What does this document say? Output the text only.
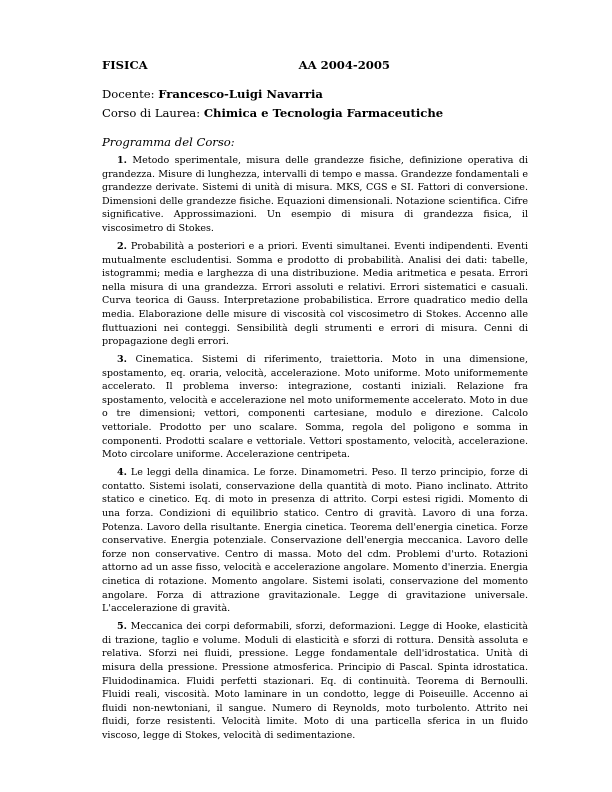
FISICA	AA 2004-2005
Docente: Francesco-Luigi Navarria
Corso di Laurea: Chimica e Tecnologia Farmaceutiche
Programma del Corso:

1. Metodo sperimentale, misura delle grandezze fisiche, definizione operativa di grandezza. Misure di lunghezza, intervalli di tempo e massa. Grandezze fondamentali e grandezze derivate. Sistemi di unità di misura. MKS, CGS e SI. Fattori di conversione. Dimensioni delle grandezze fisiche. Equazioni dimensionali. Notazione scientifica. Cifre significative. Approssimazioni. Un esempio di misura di grandezza fisica, il viscosimetro di Stokes.

2. Probabilità a posteriori e a priori. Eventi simultanei. Eventi indipendenti. Eventi mutualmente escludentisi. Somma e prodotto di probabilità. Analisi dei dati: tabelle, istogrammi; media e larghezza di una distribuzione. Media aritmetica e pesata. Errori nella misura di una grandezza. Errori assoluti e relativi. Errori sistematici e casuali. Curva teorica di Gauss. Interpretazione probabilistica. Errore quadratico medio della media. Elaborazione delle misure di viscosità col viscosimetro di Stokes. Accenno alle fluttuazioni nei conteggi. Sensibilità degli strumenti e errori di misura. Cenni di propagazione degli errori.

3. Cinematica. Sistemi di riferimento, traiettoria. Moto in una dimensione, spostamento, eq. oraria, velocità, accelerazione. Moto uniforme. Moto uniformemente accelerato. Il problema inverso: integrazione, costanti iniziali. Relazione fra spostamento, velocità e accelerazione nel moto uniformemente accelerato. Moto in due o tre dimensioni; vettori, componenti cartesiane, modulo e direzione. Calcolo vettoriale. Prodotto per uno scalare. Somma, regola del poligono e somma in componenti. Prodotti scalare e vettoriale. Vettori spostamento, velocità, accelerazione. Moto circolare uniforme. Accelerazione centripeta.

4. Le leggi della dinamica. Le forze. Dinamometri. Peso. Il terzo principio, forze di contatto. Sistemi isolati, conservazione della quantità di moto. Piano inclinato. Attrito statico e cinetico. Eq. di moto in presenza di attrito. Corpi estesi rigidi. Momento di una forza. Condizioni di equilibrio statico. Centro di gravità. Lavoro di una forza. Potenza. Lavoro della risultante. Energia cinetica. Teorema dell'energia cinetica. Forze conservative. Energia potenziale. Conservazione dell'energia meccanica. Lavoro delle forze non conservative. Centro di massa. Moto del cdm. Problemi d'urto. Rotazioni attorno ad un asse fisso, velocità e accelerazione angolare. Momento d'inerzia. Energia cinetica di rotazione. Momento angolare. Sistemi isolati, conservazione del momento angolare. Forza di attrazione gravitazionale. Legge di gravitazione universale. L'accelerazione di gravità.

5. Meccanica dei corpi deformabili, sforzi, deformazioni. Legge di Hooke, elasticità di trazione, taglio e volume. Moduli di elasticità e sforzi di rottura. Densità assoluta e relativa. Sforzi nei fluidi, pressione. Legge fondamentale dell'idrostatica. Unità di misura della pressione. Pressione atmosferica. Principio di Pascal. Spinta idrostatica. Fluidodinamica. Fluidi perfetti stazionari. Eq. di continuità. Teorema di Bernoulli. Fluidi reali, viscosità. Moto laminare in un condotto, legge di Poiseuille. Accenno ai fluidi non-newtoniani, il sangue. Numero di Reynolds, moto turbolento. Attrito nei fluidi, forze resistenti. Velocità limite. Moto di una particella sferica in un fluido viscoso, legge di Stokes, velocità di sedimentazione.
